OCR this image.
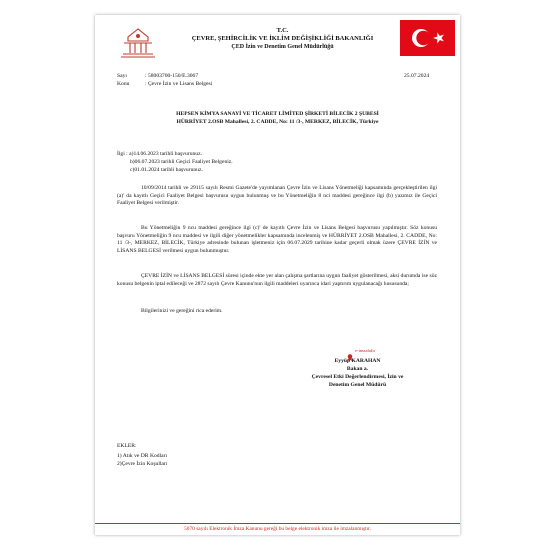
T.C.
ÇEVRE, ŞEHİRCİLİK VE İKLİM DEĞİŞİKLİĞİ BAKANLIĞI
ÇED İzin ve Denetim Genel Müdürlüğü
Sayı	: 58003700-150/E.3067	25.07.2024
Konu	: Çevre İzin ve Lisans Belgesi
HEPSEN KİMYA SANAYİ VE TİCARET LİMİTED ŞİRKETİ BİLECİK 2 ŞUBESİ
HÜRRİYET 2.OSB Mahallesi, 2. CADDE, No: 11 /3-, MERKEZ, BİLECİK, Türkiye
İlgi : a)14.06.2023 tarihli başvurunuz.
b)06.07.2023 tarihli Geçici Faaliyet Belgeniz.
c)01.01.2024 tarihli başvurunuz.
10/09/2014 tarihli ve 29115 sayılı Resmi Gazete'de yayımlanan Çevre İzin ve Lisans Yönetmeliği kapsamında gerçekleştirilen ilgi (a)' da kayıtlı Geçici Faaliyet Belgesi başvurusu uygun bulunmuş ve bu Yönetmeliğin 8 nci maddesi gereğince ilgi (b) yazımız ile Geçici Faaliyet Belgesi verilmiştir.
Bu Yönetmeliğin 9 ncu maddesi gereğince ilgi (c)' de kayıtlı Çevre İzin ve Lisans Belgesi başvurusu yapılmıştır. Söz konusu başvuru Yönetmeliğin 9 ncu maddesi ve ilgili diğer yönetmelikler kapsamında incelenmiş ve HÜRRİYET 2.OSB Mahallesi, 2. CADDE, No: 11 /3-, MERKEZ, BİLECİK, Türkiye adresinde bulunan işletmeniz için 06.07.2029 tarihine kadar geçerli olmak üzere ÇEVRE İZİN ve LİSANS BELGESİ verilmesi uygun bulunmuştur.
ÇEVRE İZİN ve LİSANS BELGESİ süresi içinde ekte yer alan çalışma şartlarına uygun faaliyet gösterilmesi, aksi durumda ise söz konusu belgenin iptal edileceği ve 2872 sayılı Çevre Kanunu'nun ilgili maddeleri uyarınca idari yaptırım uygulanacağı hususunda;
Bilgilerinizi ve gereğini rica ederim.
e-imzalıdır
Eyyüp KARAHAN
Bakan a.
Çevresel Etki Değerlendirmesi, İzin ve
Denetim Genel Müdürü
EKLER:
1) Atık ve DR Kodları
2)Çevre İzin Koşulları
5070 sayılı Elektronik İmza Kanunu gereği bu belge elektronik imza ile imzalanmıştır.
